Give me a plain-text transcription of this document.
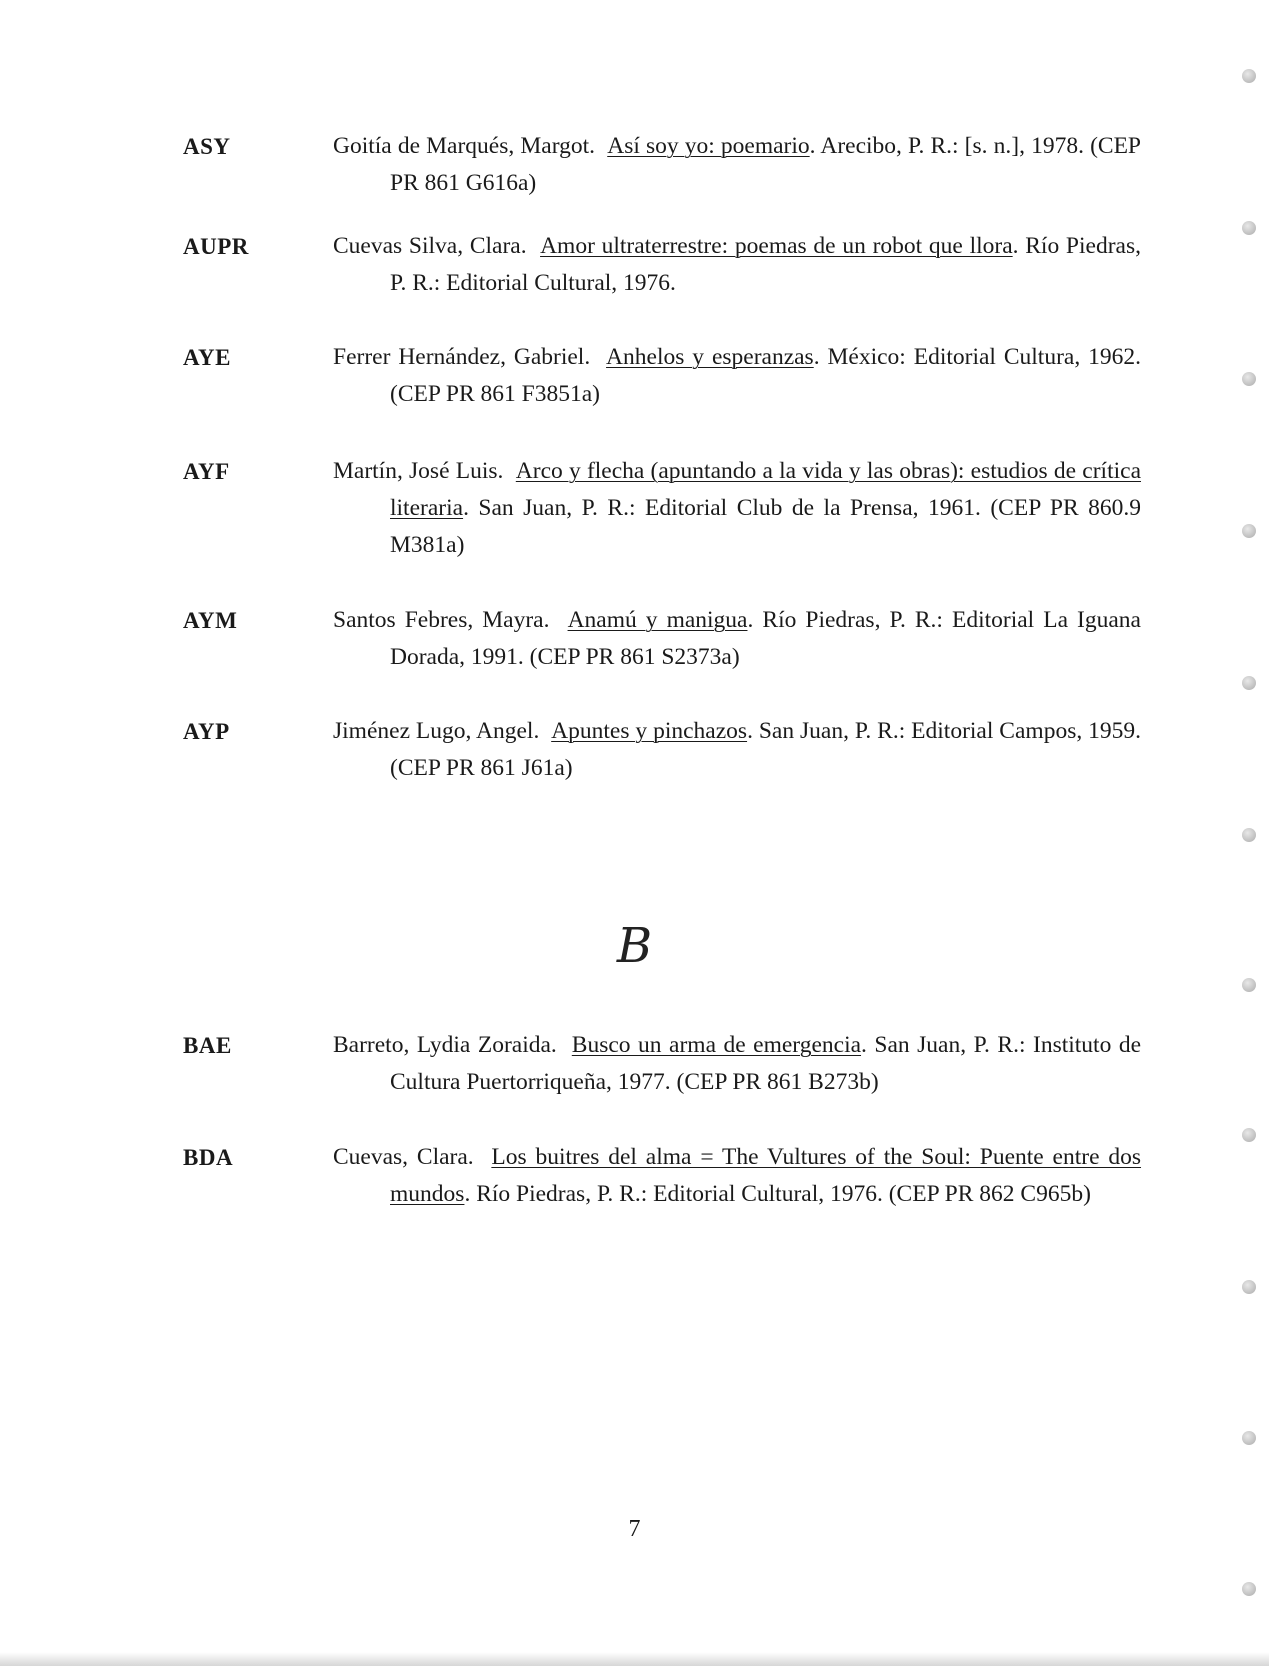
ASY	Goitía de Marqués, Margot. Así soy yo: poemario. Arecibo, P. R.: [s. n.], 1978. (CEP PR 861 G616a)
AUPR	Cuevas Silva, Clara. Amor ultraterrestre: poemas de un robot que llora. Río Piedras, P. R.: Editorial Cultural, 1976.
AYE	Ferrer Hernández, Gabriel. Anhelos y esperanzas. México: Editorial Cultura, 1962. (CEP PR 861 F3851a)
AYF	Martín, José Luis. Arco y flecha (apuntando a la vida y las obras): estudios de crítica literaria. San Juan, P. R.: Editorial Club de la Prensa, 1961. (CEP PR 860.9 M381a)
AYM	Santos Febres, Mayra. Anamú y manigua. Río Piedras, P. R.: Editorial La Iguana Dorada, 1991. (CEP PR 861 S2373a)
AYP	Jiménez Lugo, Angel. Apuntes y pinchazos. San Juan, P. R.: Editorial Campos, 1959. (CEP PR 861 J61a)
B
BAE	Barreto, Lydia Zoraida. Busco un arma de emergencia. San Juan, P. R.: Instituto de Cultura Puertorriqueña, 1977. (CEP PR 861 B273b)
BDA	Cuevas, Clara. Los buitres del alma = The Vultures of the Soul: Puente entre dos mundos. Río Piedras, P. R.: Editorial Cultural, 1976. (CEP PR 862 C965b)
7
